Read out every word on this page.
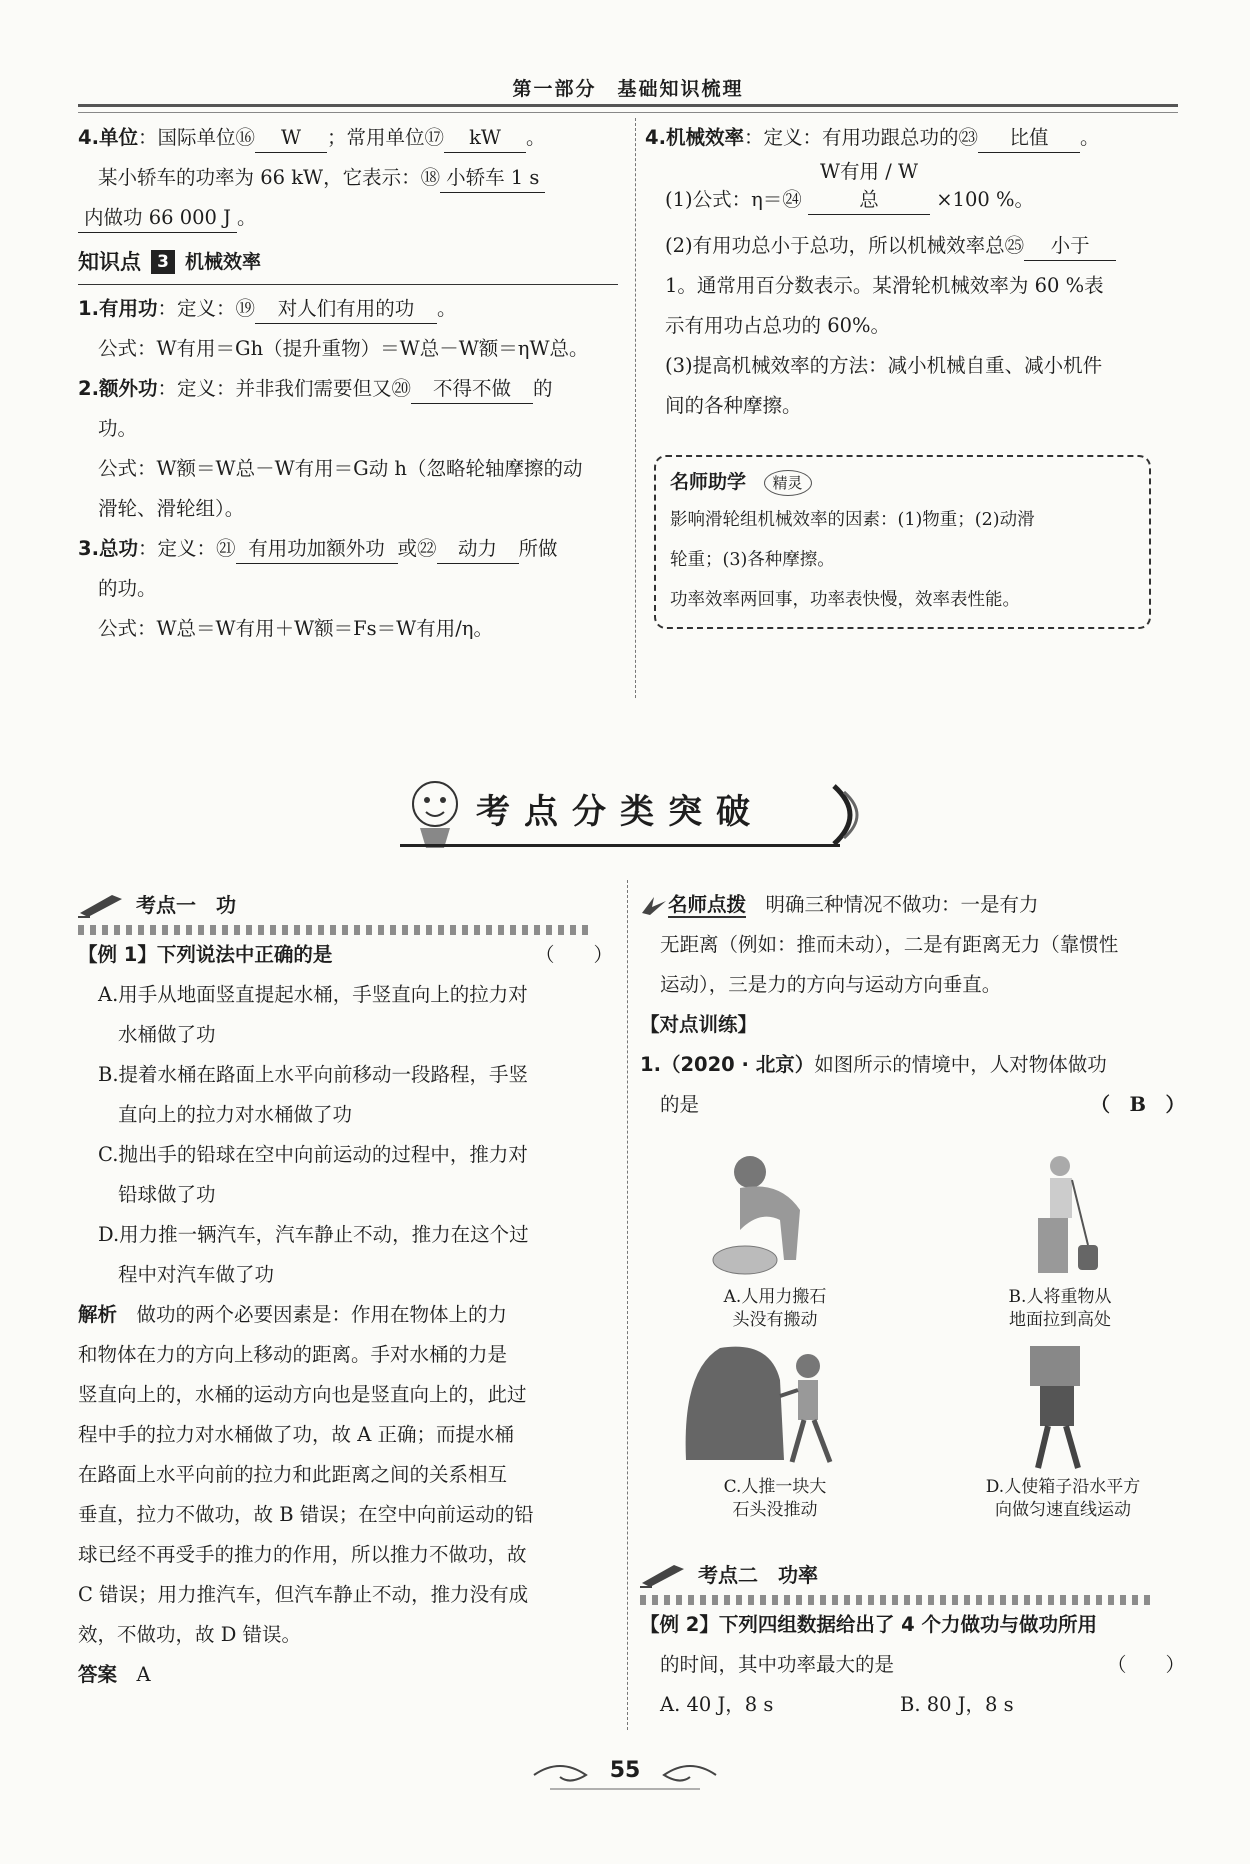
第一部分　基础知识梳理

4.单位：国际单位⑯ W ；常用单位⑰ kW 。

某小轿车的功率为 66 kW，它表示：⑱ 小轿车 1 s

内做功 66 000 J 。

知识点 3 机械效率

1.有用功：定义：⑲ 对人们有用的功 。

公式：W有用＝Gh（提升重物）＝W总－W额＝ηW总。

2.额外功：定义：并非我们需要但又⑳ 不得不做 的

功。

公式：W额＝W总－W有用＝G动 h（忽略轮轴摩擦的动

滑轮、滑轮组）。

3.总功：定义：㉑ 有用功加额外功 或㉒ 动力 所做

的功。

公式：W总＝W有用＋W额＝Fs＝W有用/η。

4.机械效率：定义：有用功跟总功的㉓ 比值 。

(1)公式：η＝㉔ W有用 / W总	×100 %。

(2)有用功总小于总功，所以机械效率总㉕ 小于

1。通常用百分数表示。某滑轮机械效率为 60 %表

示有用功占总功的 60%。

(3)提高机械效率的方法：减小机械自重、减小机件

间的各种摩擦。

名师助学　 精灵
影响滑轮组机械效率的因素：(1)物重；(2)动滑
轮重；(3)各种摩擦。
功率效率两回事，功率表快慢，效率表性能。
考点分类突破
考点一　功

【例 1】下列说法中正确的是	（　　）

A.用手从地面竖直提起水桶，手竖直向上的拉力对

水桶做了功

B.提着水桶在路面上水平向前移动一段路程，手竖

直向上的拉力对水桶做了功

C.抛出手的铅球在空中向前运动的过程中，推力对

铅球做了功

D.用力推一辆汽车，汽车静止不动，推力在这个过

程中对汽车做了功

解析　 做功的两个必要因素是：作用在物体上的力

和物体在力的方向上移动的距离。手对水桶的力是

竖直向上的，水桶的运动方向也是竖直向上的，此过

程中手的拉力对水桶做了功，故 A 正确；而提水桶

在路面上水平向前的拉力和此距离之间的关系相互

垂直，拉力不做功，故 B 错误；在空中向前运动的铅

球已经不再受手的推力的作用，所以推力不做功，故

C 错误；用力推汽车，但汽车静止不动，推力没有成

效，不做功，故 D 错误。

答案　 A

名师点拨　 明确三种情况不做功：一是有力

无距离（例如：推而未动），二是有距离无力（靠惯性

运动），三是力的方向与运动方向垂直。

【对点训练】

1.（2020 · 北京）如图所示的情境中，人对物体做功

的是	（　B　）

A.人用力搬石
头没有搬动
B.人将重物从
地面拉到高处
C.人推一块大
石头没推动
D.人使箱子沿水平方
向做匀速直线运动
考点二　功率

【例 2】下列四组数据给出了 4 个力做功与做功所用

的时间，其中功率最大的是	（　　）

A. 40 J，8 s	B. 80 J，8 s

55
